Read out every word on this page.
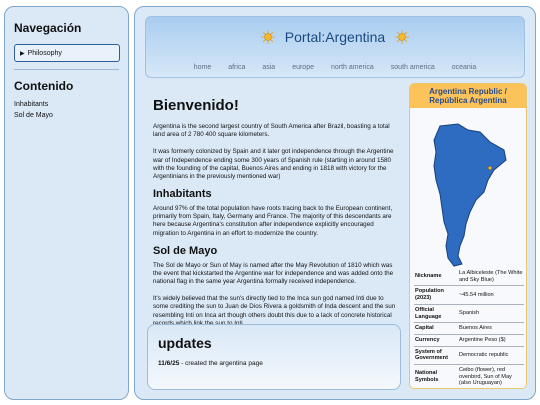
Navegación
▶ Philosophy
Contenido
Inhabitants
Sol de Mayo
Portal:Argentina
home africa asia europe north america south america oceania
Bienvenido!
Argentina is the second largest country of South America after Brazil, boasting a total land area of 2 780 400 square kilometers.
It was formerly colonized by Spain and it later got independence through the Argentine war of Independence ending some 300 years of Spanish rule (starting in around 1580 with the founding of the capital, Buenos Aires and ending in 1818 with victory for the Argentinians in the previously mentioned war)
Inhabitants
Around 97% of the total population have roots tracing back to the European continent, primarily from Spain, Italy, Germany and France. The majority of this descendants are here because Argentina's constitution after independence explicitly encouraged migration to Argentina in an effort to modernize the country.
Sol de Mayo
The Sol de Mayo or Sun of May is named after the May Revolution of 1810 which was the event that kickstarted the Argentine war for independence and was added onto the national flag in the same year Argentina formally received independence.
It's widely believed that the sun's directly tied to the Inca sun god named Inti due to some crediting the sun to Juan de Dios Rivera a goldsmith of Inda descent and the sun resembling Inti on Inca art though others doubt this due to a lack of concrete historical
updates
11/6/25 - created the argentina page
Argentina Republic / República Argentina
Nickname	La Albiceleste (The White and Sky Blue)
Population (2023)	~45.54 million
Official Language	Spanish
Capital	Buenos Aires
Currency	Argentine Peso ($)
System of Government	Democratic republic
National Symbols	Ceibo (flower), red ovenbird, Sun of May (also Uruguayan)
